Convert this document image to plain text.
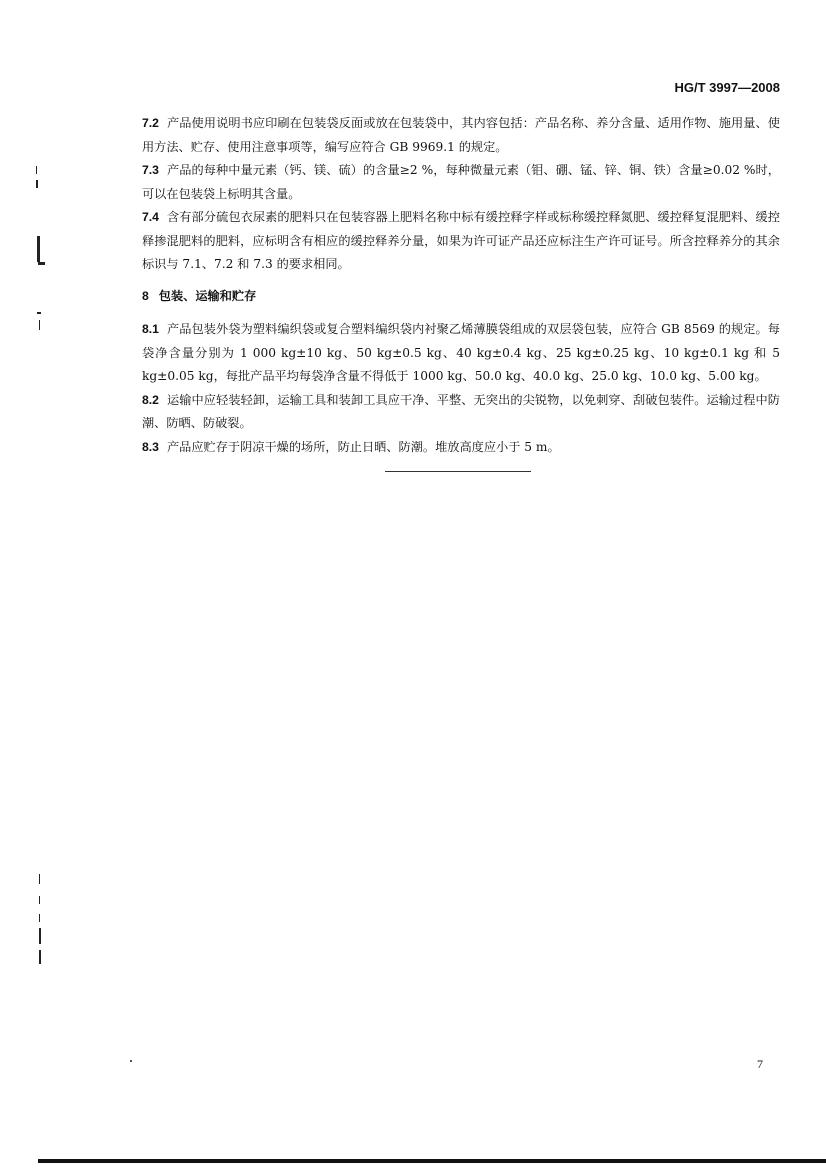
HG/T 3997—2008

7.2 产品使用说明书应印刷在包装袋反面或放在包装袋中，其内容包括：产品名称、养分含量、适用作物、施用量、使用方法、贮存、使用注意事项等，编写应符合 GB 9969.1 的规定。

7.3 产品的每种中量元素（钙、镁、硫）的含量≥2 %，每种微量元素（钼、硼、锰、锌、铜、铁）含量≥0.02 %时，可以在包装袋上标明其含量。

7.4 含有部分硫包衣尿素的肥料只在包装容器上肥料名称中标有缓控释字样或标称缓控释氮肥、缓控释复混肥料、缓控释掺混肥料的肥料，应标明含有相应的缓控释养分量，如果为许可证产品还应标注生产许可证号。所含控释养分的其余标识与 7.1、7.2 和 7.3 的要求相同。

8 包装、运输和贮存

8.1 产品包装外袋为塑料编织袋或复合塑料编织袋内衬聚乙烯薄膜袋组成的双层袋包装，应符合 GB 8569 的规定。每袋净含量分别为 1 000 kg±10 kg、50 kg±0.5 kg、40 kg±0.4 kg、25 kg±0.25 kg、10 kg±0.1 kg 和 5 kg±0.05 kg，每批产品平均每袋净含量不得低于 1000 kg、50.0 kg、40.0 kg、25.0 kg、10.0 kg、5.00 kg。

8.2 运输中应轻装轻卸，运输工具和装卸工具应干净、平整、无突出的尖锐物，以免刺穿、刮破包装件。运输过程中防潮、防晒、防破裂。

8.3 产品应贮存于阴凉干燥的场所，防止日晒、防潮。堆放高度应小于 5 m。

7
